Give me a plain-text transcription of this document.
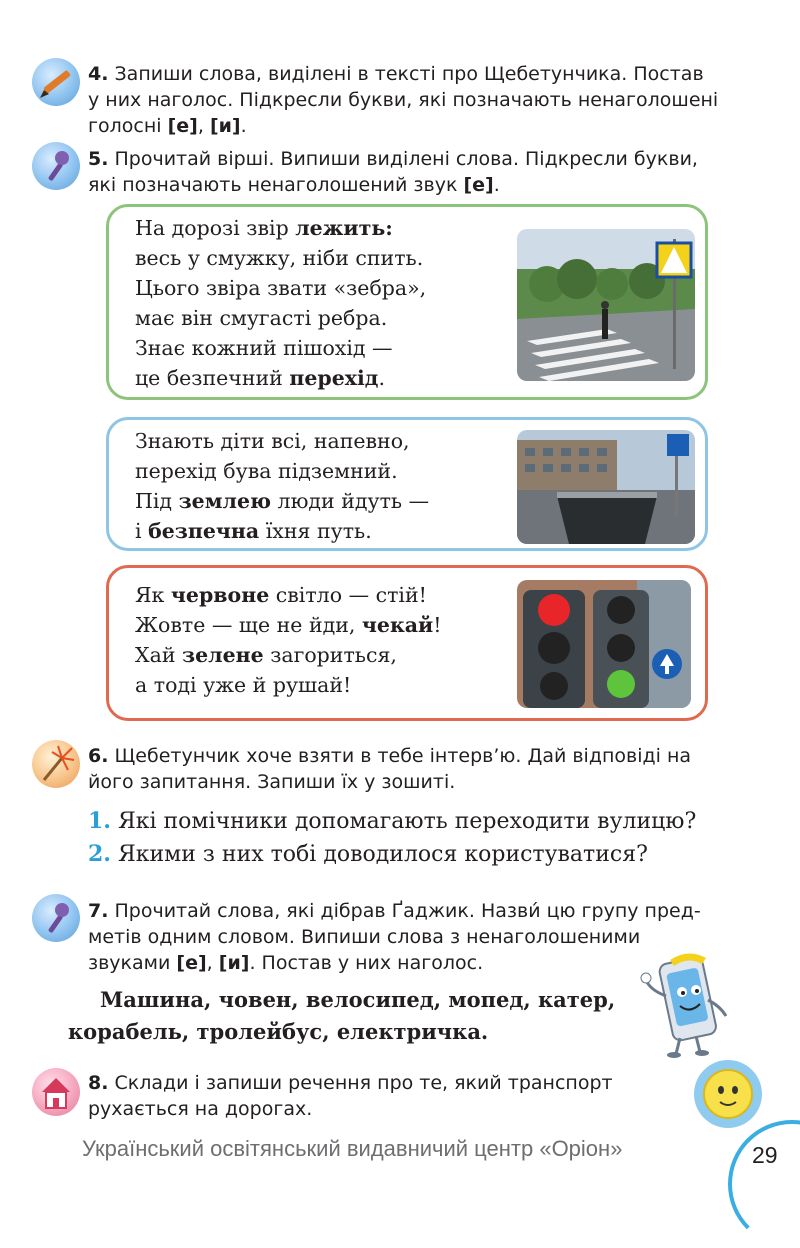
4. Запиши слова, виділені в тексті про Щебетунчика. Постав
у них наголос. Підкресли букви, які позначають ненаголошені
голосні [е], [и].
5. Прочитай вірші. Випиши виділені слова. Підкресли букви,
які позначають ненаголошений звук [е].
На дорозі звір лежить:
весь у смужку, ніби спить.
Цього звіра звати «зебра»,
має він смугасті ребра.
Знає кожний пішохід —
це безпечний перехід.
Знають діти всі, напевно,
перехід бува підземний.
Під землею люди йдуть —
і безпечна їхня путь.
Як червоне світло — стій!
Жовте — ще не йди, чекай!
Хай зелене загориться,
а тоді уже й рушай!
6. Щебетунчик хоче взяти в тебе інтерв’ю. Дай відповіді на
його запитання. Запиши їх у зошиті.
1. Які помічники допомагають переходити вулицю?
2. Якими з них тобі доводилося користуватися?
7. Прочитай слова, які дібрав Ґаджик. Назви́ цю групу пред-
метів одним словом. Випиши слова з ненаголошеними
звуками [е], [и]. Постав у них наголос.
Машина, човен, велосипед, мопед, катер,
корабель, тролейбус, електричка.
8. Склади і запиши речення про те, який транспорт
рухається на дорогах.
Український освітянський видавничий центр «Оріон»	29
